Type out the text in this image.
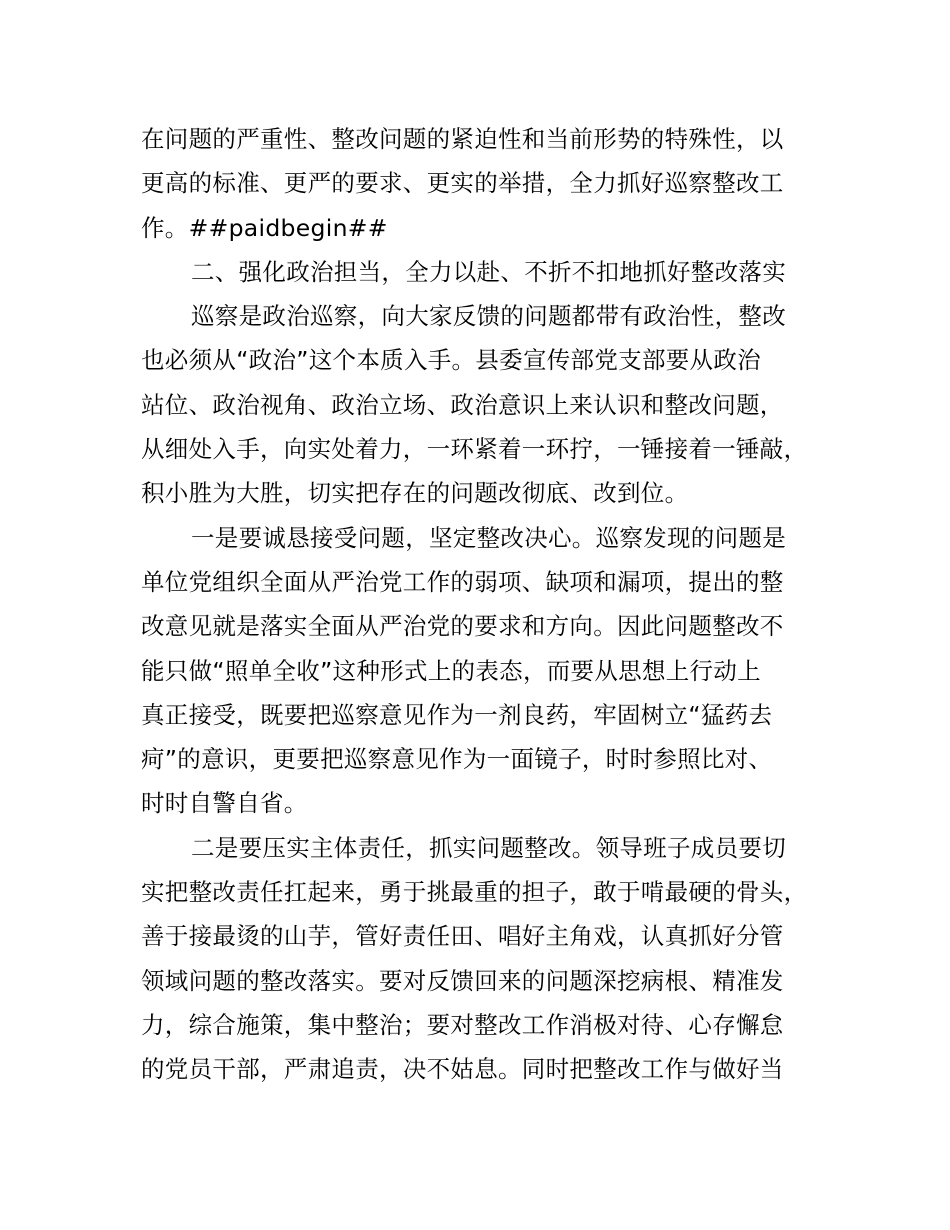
在问题的严重性、整改问题的紧迫性和当前形势的特殊性，以
更高的标准、更严的要求、更实的举措，全力抓好巡察整改工
作。##paidbegin##
二、强化政治担当，全力以赴、不折不扣地抓好整改落实
巡察是政治巡察，向大家反馈的问题都带有政治性，整改
也必须从“政治”这个本质入手。县委宣传部党支部要从政治
站位、政治视角、政治立场、政治意识上来认识和整改问题，
从细处入手，向实处着力，一环紧着一环拧，一锤接着一锤敲，
积小胜为大胜，切实把存在的问题改彻底、改到位。
一是要诚恳接受问题，坚定整改决心。巡察发现的问题是
单位党组织全面从严治党工作的弱项、缺项和漏项，提出的整
改意见就是落实全面从严治党的要求和方向。因此问题整改不
能只做“照单全收”这种形式上的表态，而要从思想上行动上
真正接受，既要把巡察意见作为一剂良药，牢固树立“猛药去
疴”的意识，更要把巡察意见作为一面镜子，时时参照比对、
时时自警自省。
二是要压实主体责任，抓实问题整改。领导班子成员要切
实把整改责任扛起来，勇于挑最重的担子，敢于啃最硬的骨头，
善于接最烫的山芋，管好责任田、唱好主角戏，认真抓好分管
领域问题的整改落实。要对反馈回来的问题深挖病根、精准发
力，综合施策，集中整治；要对整改工作消极对待、心存懈怠
的党员干部，严肃追责，决不姑息。同时把整改工作与做好当
